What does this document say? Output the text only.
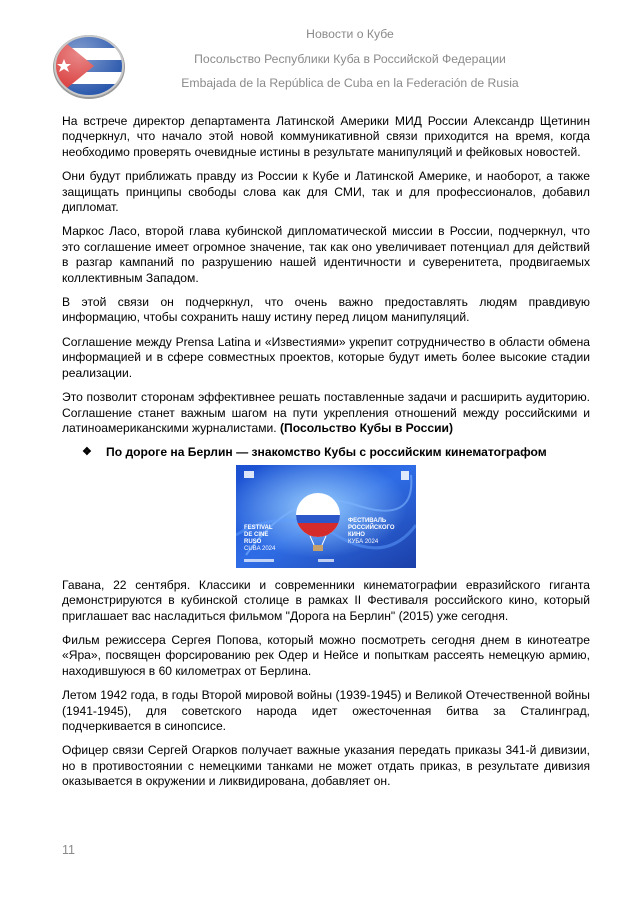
Новости о Кубе
Посольство Республики Куба в Российской Федерации
Embajada de la República de Cuba en la Federación de Rusia

На встрече директор департамента Латинской Америки МИД России Александр Щетинин подчеркнул, что начало этой новой коммуникативной связи приходится на время, когда необходимо проверять очевидные истины в результате манипуляций и фейковых новостей.

Они будут приближать правду из России к Кубе и Латинской Америке, и наоборот, а также защищать принципы свободы слова как для СМИ, так и для профессионалов, добавил дипломат.

Маркос Ласо, второй глава кубинской дипломатической миссии в России, подчеркнул, что это соглашение имеет огромное значение, так как оно увеличивает потенциал для действий в разгар кампаний по разрушению нашей идентичности и суверенитета, продвигаемых коллективным Западом.

В этой связи он подчеркнул, что очень важно предоставлять людям правдивую информацию, чтобы сохранить нашу истину перед лицом манипуляций.

Соглашение между Prensa Latina и «Известиями» укрепит сотрудничество в области обмена информацией и в сфере совместных проектов, которые будут иметь более высокие стадии реализации.

Это позволит сторонам эффективнее решать поставленные задачи и расширить аудиторию. Соглашение станет важным шагом на пути укрепления отношений между российскими и латиноамериканскими журналистами. (Посольство Кубы в России)

❖	По дороге на Берлин — знакомство Кубы с российским кинематографом
FESTIVAL
DE CINE
RUSO
CUBA 2024
ФЕСТИВАЛЬ
РОССИЙСКОГО
КИНО
КУБА 2024

Гавана, 22 сентября. Классики и современники кинематографии евразийского гиганта демонстрируются в кубинской столице в рамках II Фестиваля российского кино, который приглашает вас насладиться фильмом "Дорога на Берлин" (2015) уже сегодня.

Фильм режиссера Сергея Попова, который можно посмотреть сегодня днем в кинотеатре «Яра», посвящен форсированию рек Одер и Нейсе и попыткам рассеять немецкую армию, находившуюся в 60 километрах от Берлина.

Летом 1942 года, в годы Второй мировой войны (1939-1945) и Великой Отечественной войны (1941-1945), для советского народа идет ожесточенная битва за Сталинград, подчеркивается в синопсисе.

Офицер связи Сергей Огарков получает важные указания передать приказы 341-й дивизии, но в противостоянии с немецкими танками не может отдать приказ, в результате дивизия оказывается в окружении и ликвидирована, добавляет он.

11
